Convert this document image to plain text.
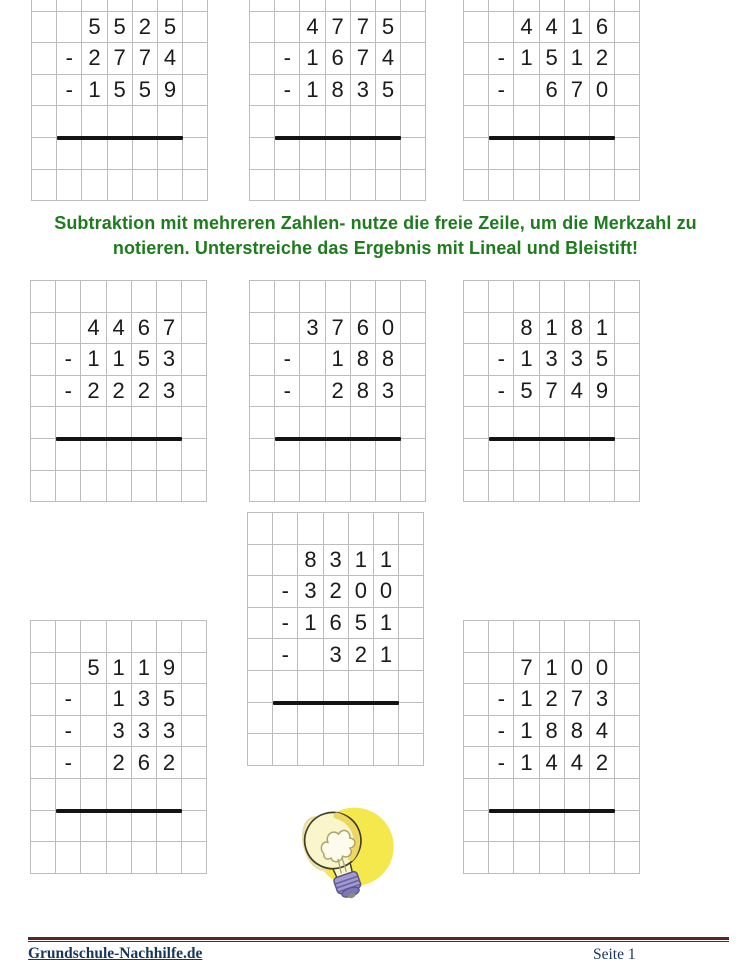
5 5 2 5
- 2 7 7 4
- 1 5 5 9
4 7 7 5
- 1 6 7 4
- 1 8 3 5
4 4 1 6
- 1 5 1 2
-	6 7 0
4 4 6 7
- 1 1 5 3
- 2 2 2 3
3 7 6 0
-	1 8 8
-	2 8 3
8 1 8 1
- 1 3 3 5
- 5 7 4 9
8 3 1 1
- 3 2 0 0
- 1 6 5 1
-	3 2 1
5 1 1 9
-	1 3 5
-	3 3 3
-	2 6 2
7 1 0 0
- 1 2 7 3
- 1 8 8 4
- 1 4 4 2
Subtraktion mit mehreren Zahlen- nutze die freie Zeile, um die Merkzahl zu
notieren. Unterstreiche das Ergebnis mit Lineal und Bleistift!
Grundschule-Nachhilfe.de	Seite 1
